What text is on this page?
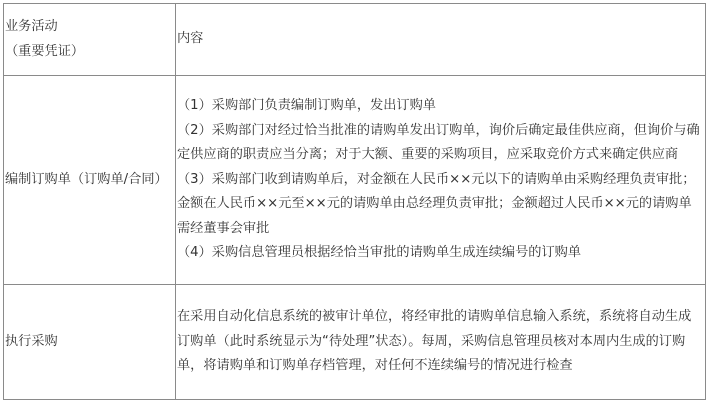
业务活动
（重要凭证）	内容

编制订购单（订购单/合同）	（1）采购部门负责编制订购单，发出订购单
（2）采购部门对经过恰当批准的请购单发出订购单，询价后确定最佳供应商，但询价与确定供应商的职责应当分离；对于大额、重要的采购项目，应采取竞价方式来确定供应商
（3）采购部门收到请购单后，对金额在人民币××元以下的请购单由采购经理负责审批；金额在人民币××元至××元的请购单由总经理负责审批；金额超过人民币××元的请购单需经董事会审批
（4）采购信息管理员根据经恰当审批的请购单生成连续编号的订购单

执行采购	在采用自动化信息系统的被审计单位，将经审批的请购单信息输入系统，系统将自动生成订购单（此时系统显示为“待处理”状态）。每周，采购信息管理员核对本周内生成的订购单，将请购单和订购单存档管理，对任何不连续编号的情况进行检查
